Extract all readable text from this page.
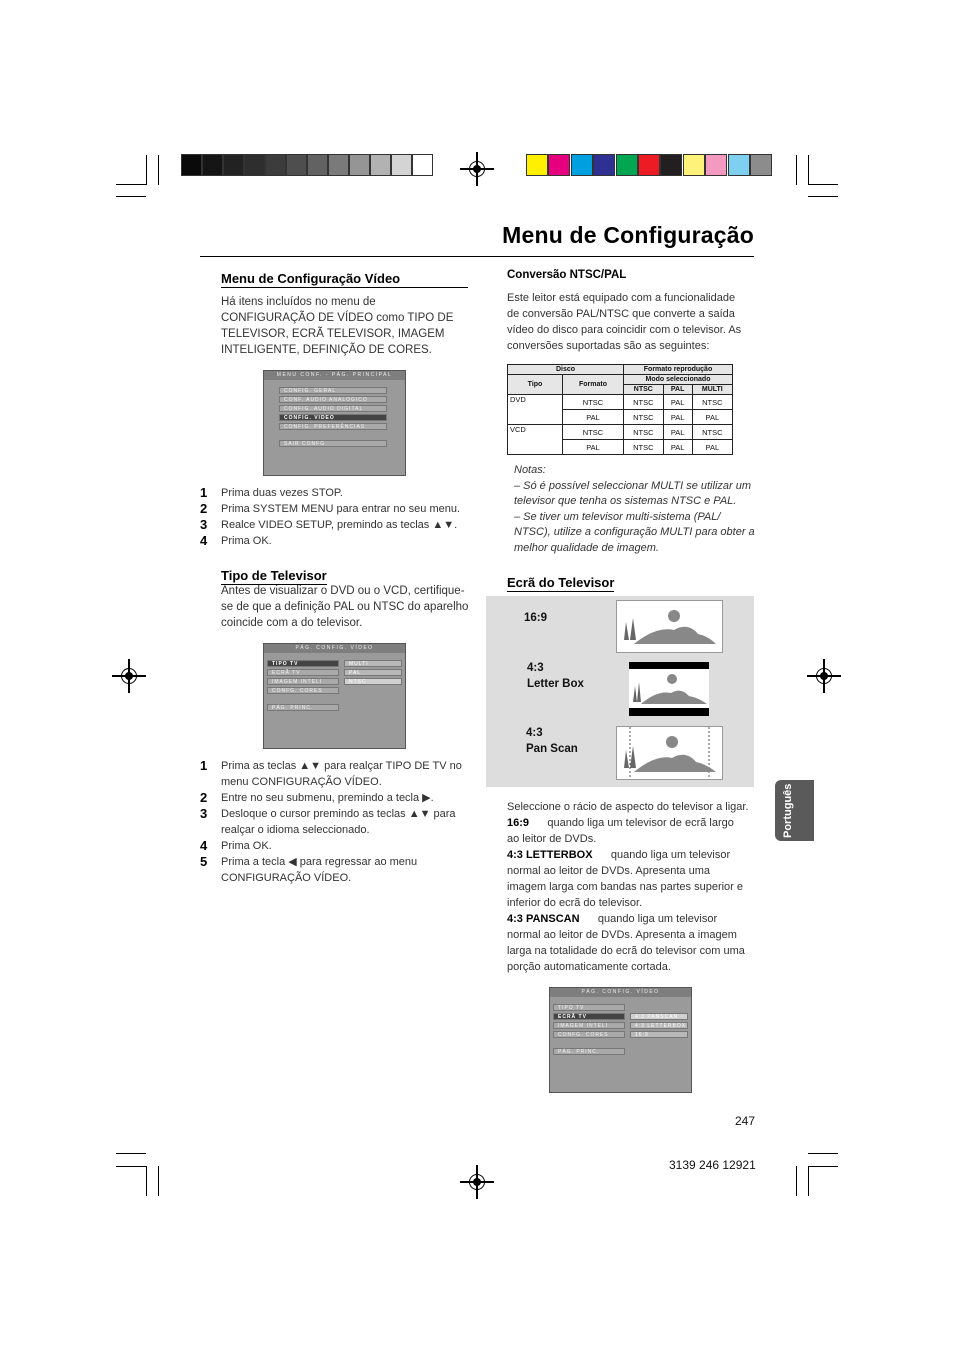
Menu de Configuração
Menu de Configuração Vídeo
Há itens incluídos no menu de
CONFIGURAÇÃO DE VÍDEO como TIPO DE
TELEVISOR, ECRÃ TELEVISOR, IMAGEM
INTELIGENTE, DEFINIÇÃO DE CORES.
MENU CONF. - PÁG. PRINCIPAL
CONFIG. GERAL
CONF. AUDIO ANALOGICO
CONFIG. AUDIO DIGITAL
CONFIG. VIDEO
CONFIG. PREFERÊNCIAS
SAIR CONFG
1 Prima duas vezes STOP.
2 Prima SYSTEM MENU para entrar no seu menu.
3 Realce VIDEO SETUP, premindo as teclas ▲▼.
4 Prima OK.
Tipo de Televisor
Antes de visualizar o DVD ou o VCD, certifique-
se de que a definição PAL ou NTSC do aparelho
coincide com a do televisor.
PÁG. CONFIG. VÍDEO
TIPO TV
ECRÃ TV
IMAGEM INTELI
CONFG. CORES
PÁG. PRINC.
MULTI
PAL
NTSC
1 Prima as teclas ▲▼ para realçar TIPO DE TV no
menu CONFIGURAÇÃO VÍDEO.
2 Entre no seu submenu, premindo a tecla ▶.
3 Desloque o cursor premindo as teclas ▲▼ para
realçar o idioma seleccionado.
4 Prima OK.
5 Prima a tecla ◀ para regressar ao menu
CONFIGURAÇÃO VÍDEO.
Conversão NTSC/PAL
Este leitor está equipado com a funcionalidade
de conversão PAL/NTSC que converte a saída
vídeo do disco para coincidir com o televisor. As
conversões suportadas são as seguintes:
Disco		Formato reprodução		
Tipo	Formato	Modo seleccionado		
		NTSC	PAL	MULTI
DVD	NTSC	NTSC	PAL	NTSC
	PAL	NTSC	PAL	PAL
VCD	NTSC	NTSC	PAL	NTSC
	PAL	NTSC	PAL	PAL
Notas:
– Só é possível seleccionar MULTI se utilizar um
televisor que tenha os sistemas NTSC e PAL.
– Se tiver um televisor multi-sistema (PAL/
NTSC), utilize a configuração MULTI para obter a
melhor qualidade de imagem.
Ecrã do Televisor
16:9
4:3
Letter Box
4:3
Pan Scan
Seleccione o rácio de aspecto do televisor a ligar.
16:9 quando liga um televisor de ecrã largo
ao leitor de DVDs.
4:3 LETTERBOX quando liga um televisor
normal ao leitor de DVDs. Apresenta uma
imagem larga com bandas nas partes superior e
inferior do ecrã do televisor.
4:3 PANSCAN quando liga um televisor
normal ao leitor de DVDs. Apresenta a imagem
larga na totalidade do ecrã do televisor com uma
porção automaticamente cortada.
PÁG. CONFIG. VÍDEO
TIPO TV
ECRÃ TV
IMAGEM INTELI
CONFG. CORES
PÁG. PRINC.
4:3 PANSCAN
4:3 LETTERBOX
16:9
Português
247
3139 246 12921
